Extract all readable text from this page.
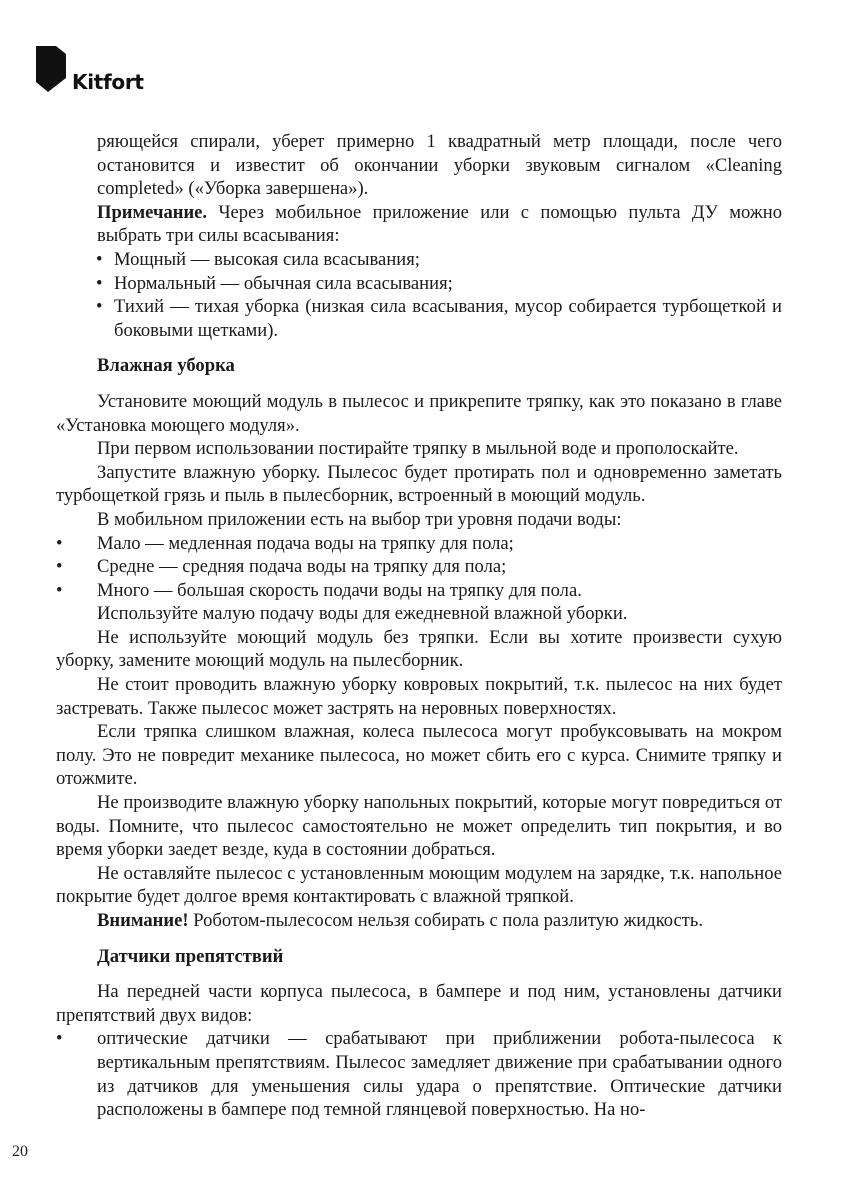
Kitfort

ряющейся спирали, уберет примерно 1 квадратный метр площади, после чего остановится и известит об окончании уборки звуковым сигналом «Cleaning completed» («Уборка завершена»).

Примечание. Через мобильное приложение или с помощью пульта ДУ можно выбрать три силы всасывания:

• Мощный — высокая сила всасывания;

• Нормальный — обычная сила всасывания;

• Тихий — тихая уборка (низкая сила всасывания, мусор собирается турбощеткой и боковыми щетками).

Влажная уборка

Установите моющий модуль в пылесос и прикрепите тряпку, как это показано в главе «Установка моющего модуля».

При первом использовании постирайте тряпку в мыльной воде и прополоскайте.

Запустите влажную уборку. Пылесос будет протирать пол и одновременно заметать турбощеткой грязь и пыль в пылесборник, встроенный в моющий модуль.

В мобильном приложении есть на выбор три уровня подачи воды:

• Мало — медленная подача воды на тряпку для пола;

• Средне — средняя подача воды на тряпку для пола;

• Много — большая скорость подачи воды на тряпку для пола.

Используйте малую подачу воды для ежедневной влажной уборки.

Не используйте моющий модуль без тряпки. Если вы хотите произвести сухую уборку, замените моющий модуль на пылесборник.

Не стоит проводить влажную уборку ковровых покрытий, т.к. пылесос на них будет застревать. Также пылесос может застрять на неровных поверхностях.

Если тряпка слишком влажная, колеса пылесоса могут пробуксовывать на мокром полу. Это не повредит механике пылесоса, но может сбить его с курса. Снимите тряпку и отожмите.

Не производите влажную уборку напольных покрытий, которые могут повредиться от воды. Помните, что пылесос самостоятельно не может определить тип покрытия, и во время уборки заедет везде, куда в состоянии добраться.

Не оставляйте пылесос с установленным моющим модулем на зарядке, т.к. напольное покрытие будет долгое время контактировать с влажной тряпкой.

Внимание! Роботом-пылесосом нельзя собирать с пола разлитую жидкость.

Датчики препятствий

На передней части корпуса пылесоса, в бампере и под ним, установлены датчики препятствий двух видов:

• оптические датчики — срабатывают при приближении робота-пылесоса к вертикальным препятствиям. Пылесос замедляет движение при срабатывании одного из датчиков для уменьшения силы удара о препятствие. Оптические датчики расположены в бампере под темной глянцевой поверхностью. На но-

20
